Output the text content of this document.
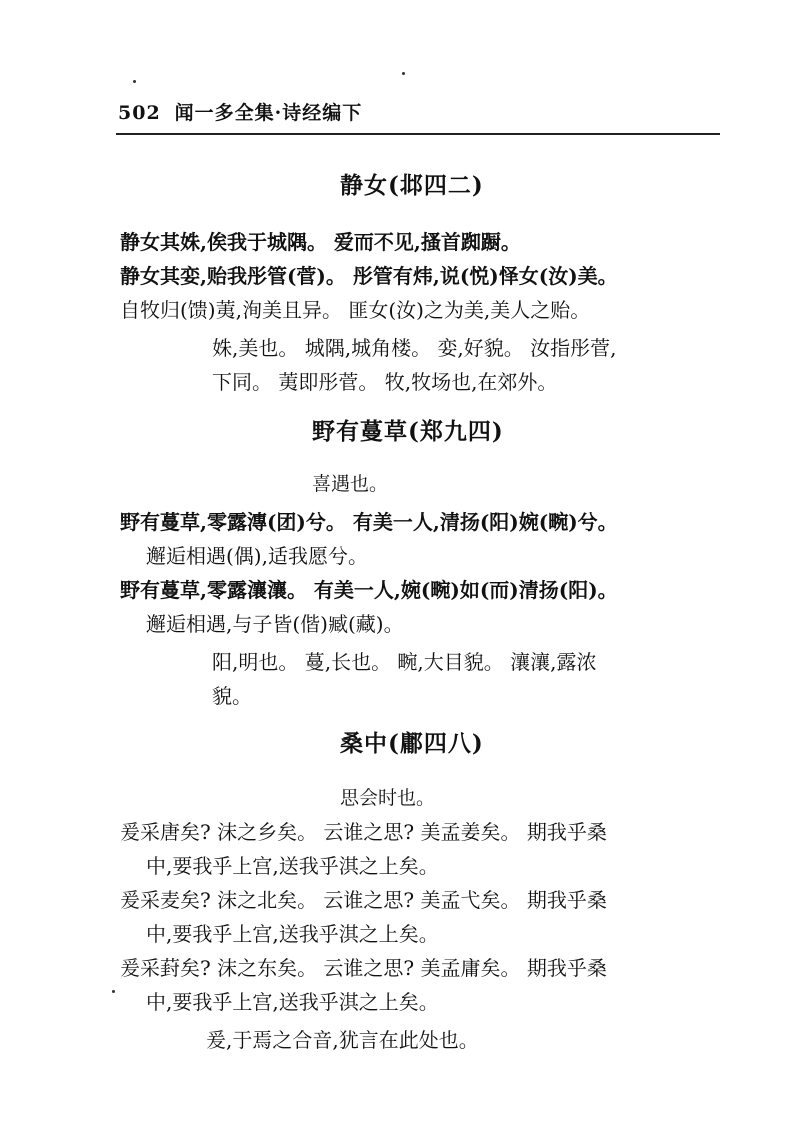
502 闻一多全集·诗经编下
静女(邶四二)
静女其姝,俟我于城隅。 爱而不见,搔首踟蹰。
静女其娈,贻我彤管(菅)。 彤管有炜,说(悦)怿女(汝)美。
自牧归(馈)荑,洵美且异。 匪女(汝)之为美,美人之贻。
姝,美也。 城隅,城角楼。 娈,好貌。 汝指彤菅,
下同。 荑即彤菅。 牧,牧场也,在郊外。
野有蔓草(郑九四)
喜遇也。
野有蔓草,零露漙(团)兮。 有美一人,清扬(阳)婉(畹)兮。
邂逅相遇(偶),适我愿兮。
野有蔓草,零露瀼瀼。 有美一人,婉(畹)如(而)清扬(阳)。
邂逅相遇,与子皆(偕)臧(藏)。
阳,明也。 蔓,长也。 畹,大目貌。 瀼瀼,露浓
貌。
桑中(鄘四八)
思会时也。
爰采唐矣? 沫之乡矣。 云谁之思? 美孟姜矣。 期我乎桑
中,要我乎上宫,送我乎淇之上矣。
爰采麦矣? 沫之北矣。 云谁之思? 美孟弋矣。 期我乎桑
中,要我乎上宫,送我乎淇之上矣。
爰采葑矣? 沫之东矣。 云谁之思? 美孟庸矣。 期我乎桑
中,要我乎上宫,送我乎淇之上矣。
爰,于焉之合音,犹言在此处也。
